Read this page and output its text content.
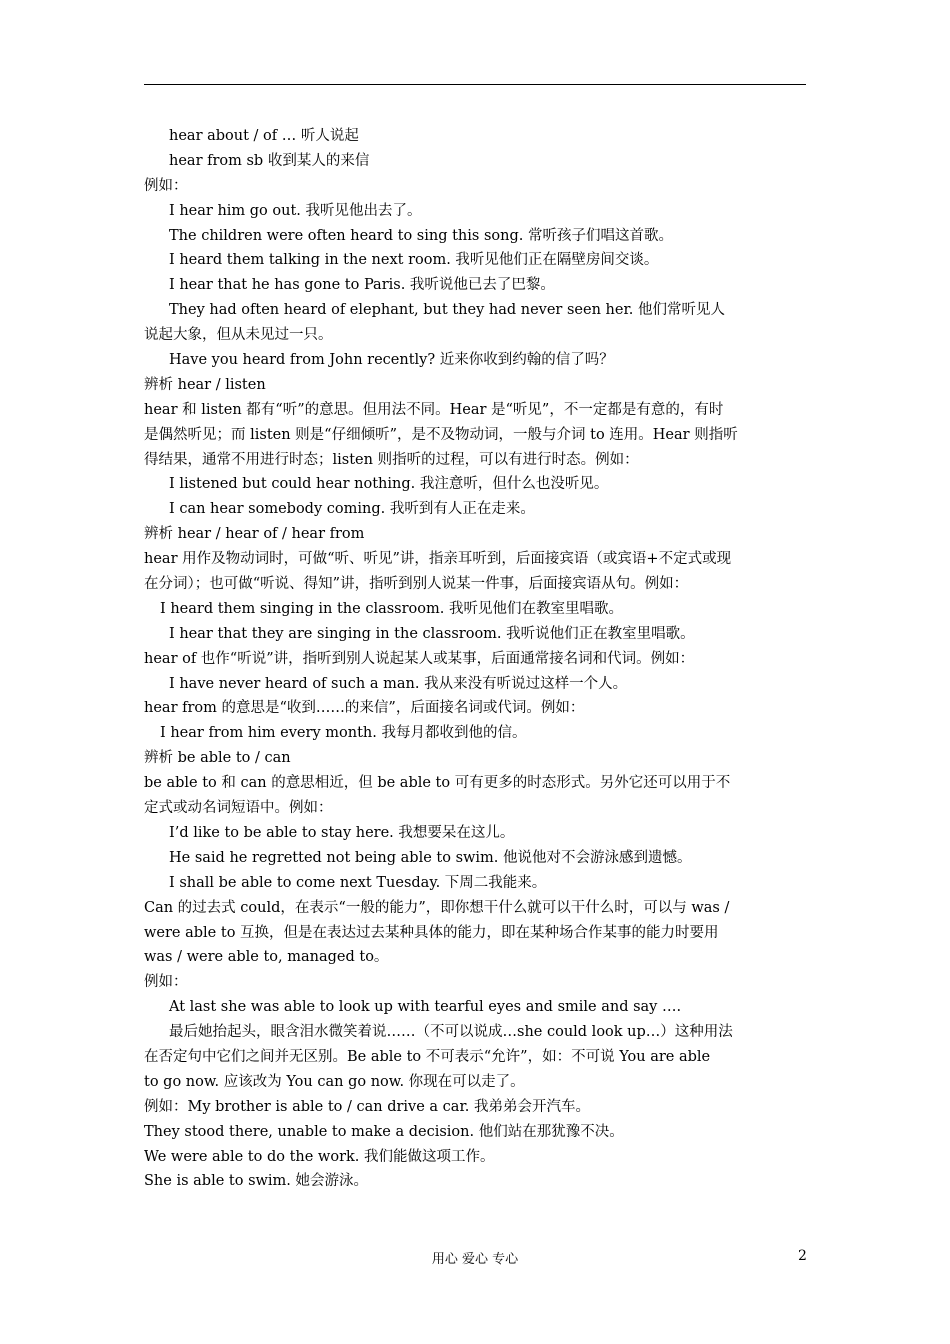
hear about / of … 听人说起
hear from sb 收到某人的来信
例如：
I hear him go out. 我听见他出去了。
The children were often heard to sing this song. 常听孩子们唱这首歌。
I heard them talking in the next room. 我听见他们正在隔壁房间交谈。
I hear that he has gone to Paris. 我听说他已去了巴黎。
They had often heard of elephant, but they had never seen her. 他们常听见人
说起大象，但从未见过一只。
Have you heard from John recently? 近来你收到约翰的信了吗？
辨析 hear / listen
hear 和 listen 都有“听”的意思。但用法不同。Hear 是“听见”，不一定都是有意的，有时
是偶然听见；而 listen 则是“仔细倾听”，是不及物动词，一般与介词 to 连用。Hear 则指听
得结果，通常不用进行时态；listen 则指听的过程，可以有进行时态。例如：
I listened but could hear nothing. 我注意听，但什么也没听见。
I can hear somebody coming. 我听到有人正在走来。
辨析 hear / hear of / hear from
hear 用作及物动词时，可做“听、听见”讲，指亲耳听到，后面接宾语（或宾语+不定式或现
在分词）；也可做“听说、得知”讲，指听到别人说某一件事，后面接宾语从句。例如：
I heard them singing in the classroom. 我听见他们在教室里唱歌。
I hear that they are singing in the classroom. 我听说他们正在教室里唱歌。
hear of 也作“听说”讲，指听到别人说起某人或某事，后面通常接名词和代词。例如：
I have never heard of such a man. 我从来没有听说过这样一个人。
hear from 的意思是“收到……的来信”，后面接名词或代词。例如：
I hear from him every month. 我每月都收到他的信。
辨析 be able to / can
be able to 和 can 的意思相近，但 be able to 可有更多的时态形式。另外它还可以用于不
定式或动名词短语中。例如：
I’d like to be able to stay here. 我想要呆在这儿。
He said he regretted not being able to swim. 他说他对不会游泳感到遗憾。
I shall be able to come next Tuesday. 下周二我能来。
Can 的过去式 could，在表示“一般的能力”，即你想干什么就可以干什么时，可以与 was /
were able to 互换，但是在表达过去某种具体的能力，即在某种场合作某事的能力时要用
was / were able to, managed to。
例如：
At last she was able to look up with tearful eyes and smile and say ….
最后她抬起头，眼含泪水微笑着说……（不可以说成…she could look up…）这种用法
在否定句中它们之间并无区别。Be able to 不可表示“允许”，如：不可说 You are able
to go now. 应该改为 You can go now. 你现在可以走了。
例如：My brother is able to / can drive a car. 我弟弟会开汽车。
They stood there, unable to make a decision. 他们站在那犹豫不决。
We were able to do the work. 我们能做这项工作。
She is able to swim. 她会游泳。
用心 爱心 专心	2
